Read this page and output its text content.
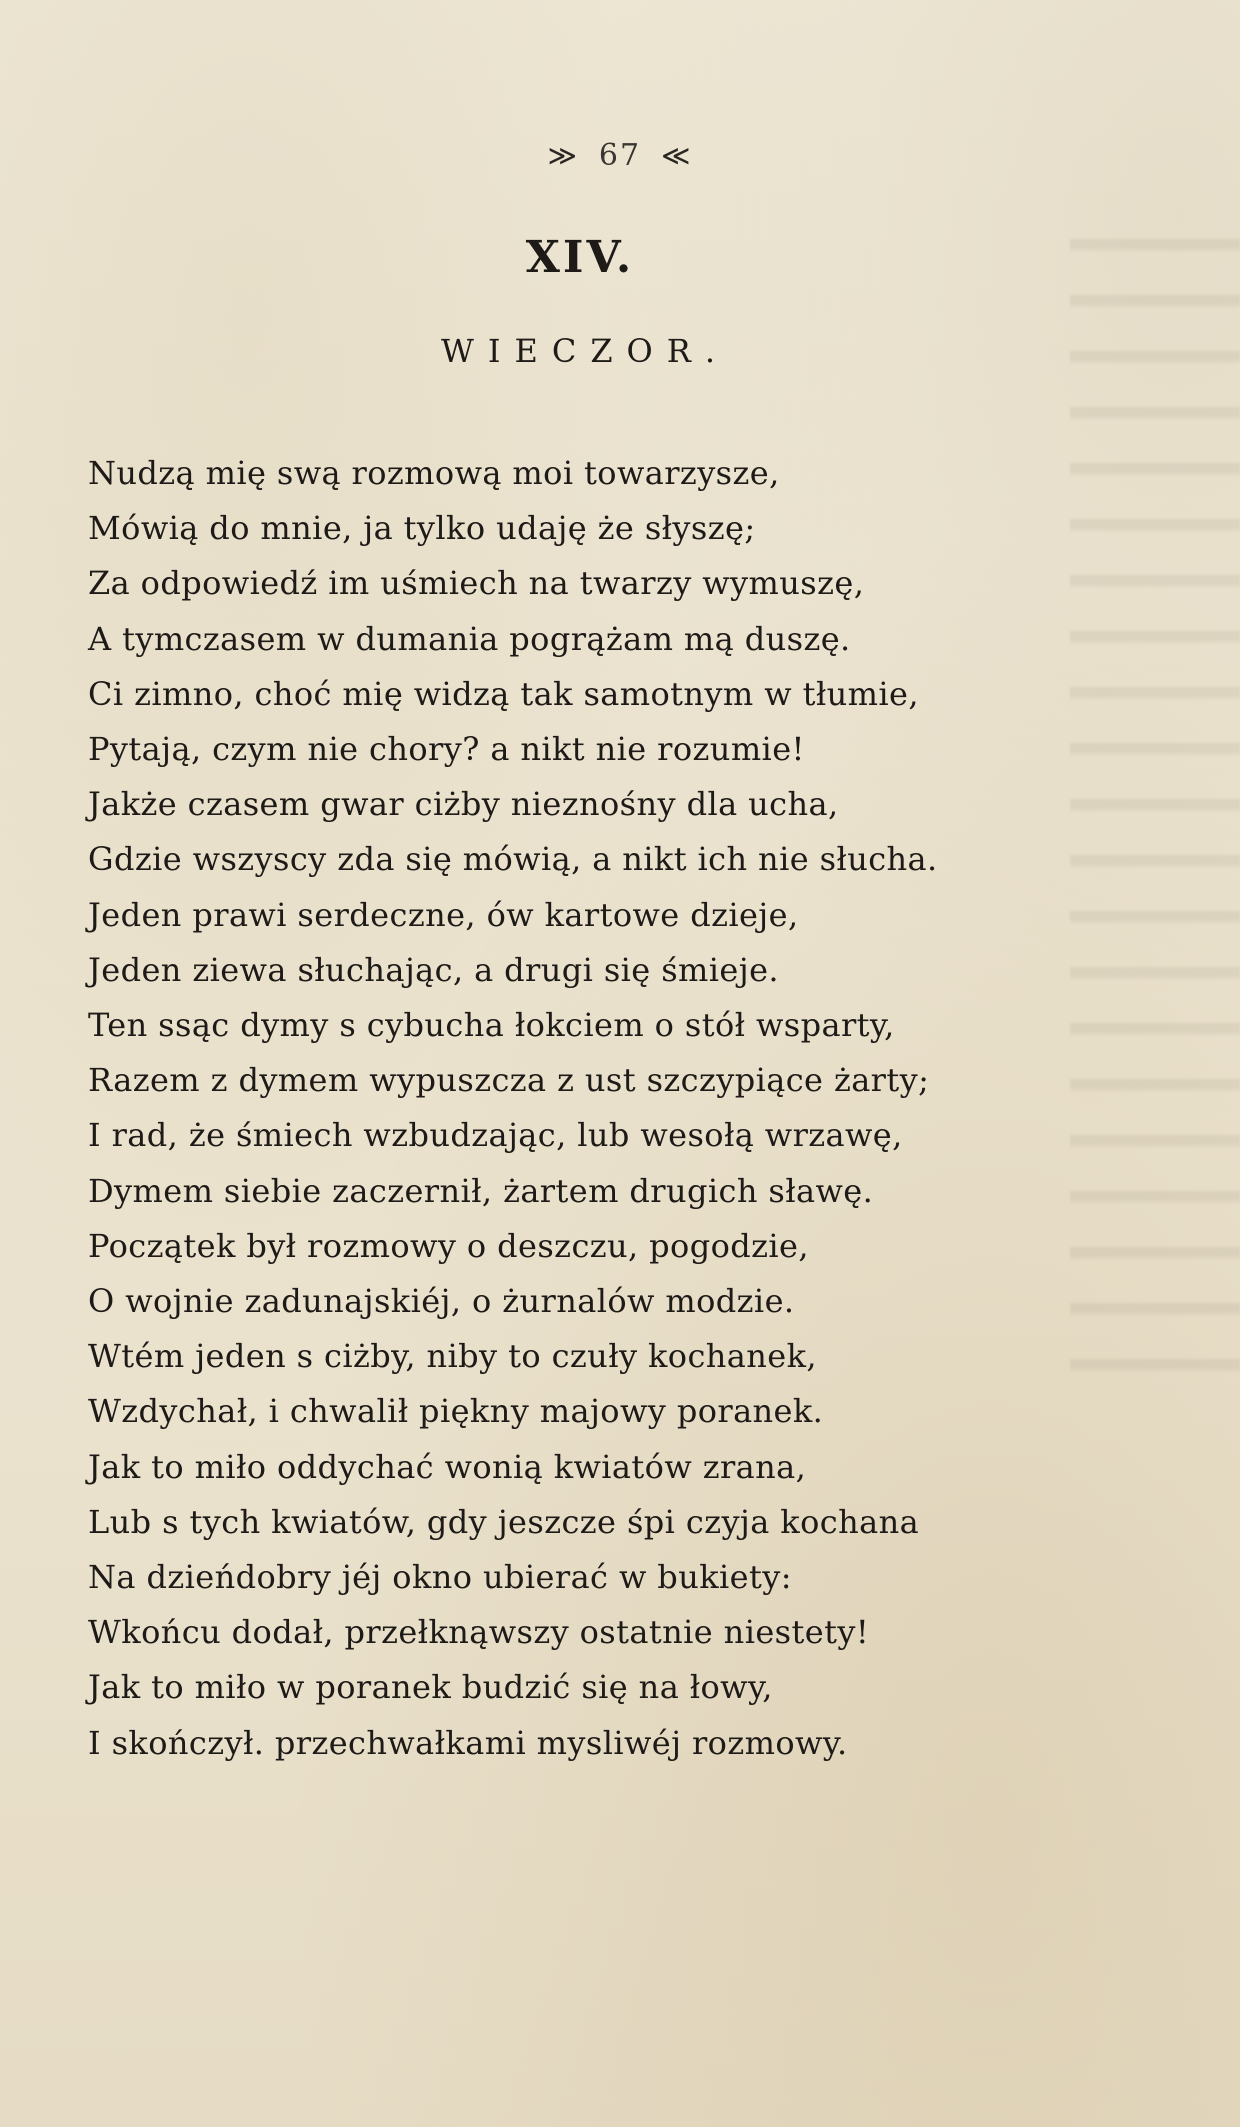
≫ 67 ≪
XIV.
WIECZOR.
Nudzą mię swą rozmową moi towarzysze,
Mówią do mnie, ja tylko udaję że słyszę;
Za odpowiedź im uśmiech na twarzy wymuszę,
A tymczasem w dumania pogrążam mą duszę.
Ci zimno, choć mię widzą tak samotnym w tłumie,
Pytają, czym nie chory? a nikt nie rozumie!
Jakże czasem gwar ciżby nieznośny dla ucha,
Gdzie wszyscy zda się mówią, a nikt ich nie słucha.
Jeden prawi serdeczne, ów kartowe dzieje,
Jeden ziewa słuchając, a drugi się śmieje.
Ten ssąc dymy s cybucha łokciem o stół wsparty,
Razem z dymem wypuszcza z ust szczypiące żarty;
I rad, że śmiech wzbudzając, lub wesołą wrzawę,
Dymem siebie zaczernił, żartem drugich sławę.
Początek był rozmowy o deszczu, pogodzie,
O wojnie zadunajskiéj, o żurnalów modzie.
Wtém jeden s ciżby, niby to czuły kochanek,
Wzdychał, i chwalił piękny majowy poranek.
Jak to miło oddychać wonią kwiatów zrana,
Lub s tych kwiatów, gdy jeszcze śpi czyja kochana
Na dzieńdobry jéj okno ubierać w bukiety:
Wkońcu dodał, przełknąwszy ostatnie niestety!
Jak to miło w poranek budzić się na łowy,
I skończył. przechwałkami mysliwéj rozmowy.
